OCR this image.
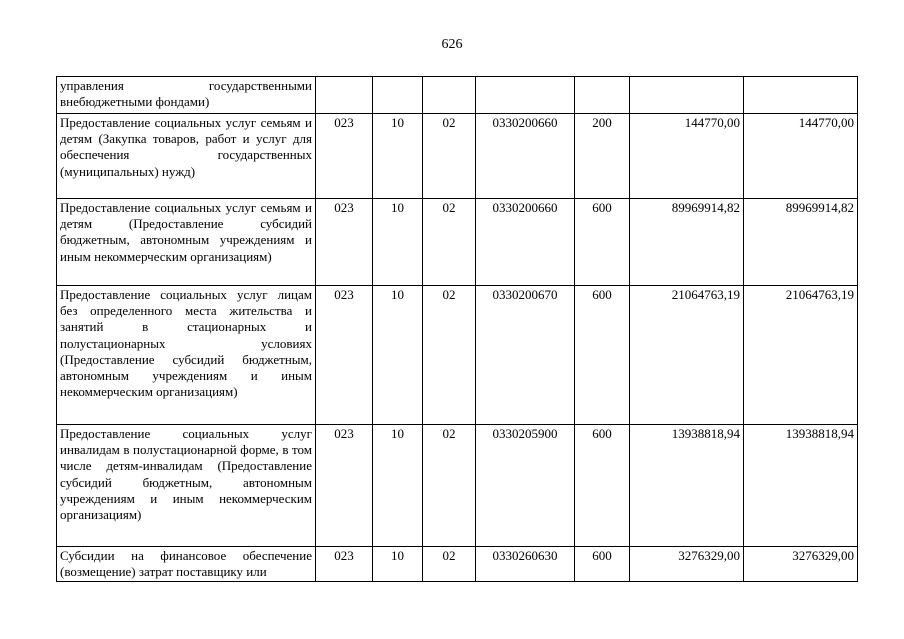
626
управления государственными внебюджетными фондами)							
Предоставление социальных услуг семьям и детям (Закупка товаров, работ и услуг для обеспечения государственных (муниципальных) нужд)	023	10	02	0330200660	200	144770,00	144770,00
Предоставление социальных услуг семьям и детям (Предоставление субсидий бюджетным, автономным учреждениям и иным некоммерческим организациям)	023	10	02	0330200660	600	89969914,82	89969914,82
Предоставление социальных услуг лицам без определенного места жительства и занятий в стационарных и полустационарных условиях (Предоставление субсидий бюджетным, автономным учреждениям и иным некоммерческим организациям)	023	10	02	0330200670	600	21064763,19	21064763,19
Предоставление социальных услуг инвалидам в полустационарной форме, в том числе детям-инвалидам (Предоставление субсидий бюджетным, автономным учреждениям и иным некоммерческим организациям)	023	10	02	0330205900	600	13938818,94	13938818,94
Субсидии на финансовое обеспечение (возмещение) затрат поставщику или	023	10	02	0330260630	600	3276329,00	3276329,00
